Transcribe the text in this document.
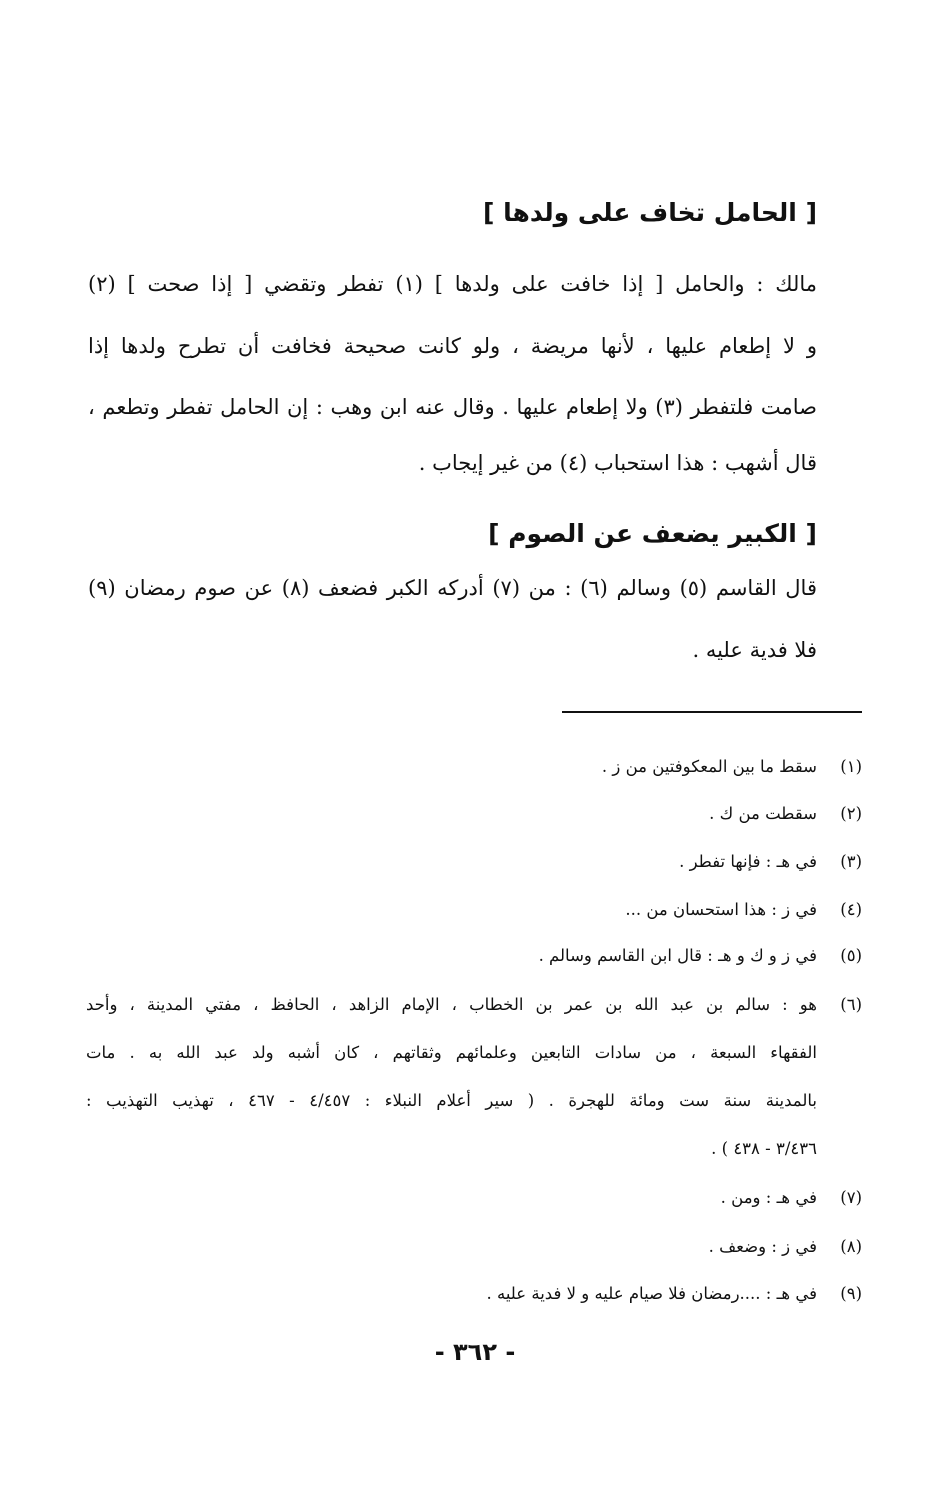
[ الحامل تخاف على ولدها ]
مالك : والحامل [ إذا خافت على ولدها ] (١) تفطر وتقضي [ إذا صحت ] (٢)
و لا إطعام عليها ، لأنها مريضة ، ولو كانت صحيحة فخافت أن تطرح ولدها إذا
صامت فلتفطر (٣) ولا إطعام عليها . وقال عنه ابن وهب : إن الحامل تفطر وتطعم ،
قال أشهب : هذا استحباب (٤) من غير إيجاب .
[ الكبير يضعف عن الصوم ]
قال القاسم (٥) وسالم (٦) : من (٧) أدركه الكبر فضعف (٨) عن صوم رمضان (٩)
فلا فدية عليه .
(١)
سقط ما بين المعكوفتين من ز .
(٢)
سقطت من ك .
(٣)
في هـ : فإنها تفطر .
(٤)
في ز : هذا استحسان من ...
(٥)
في ز و ك و هـ : قال ابن القاسم وسالم .
(٦)
هو : سالم بن عبد الله بن عمر بن الخطاب ، الإمام الزاهد ، الحافظ ، مفتي المدينة ، وأحد
الفقهاء السبعة ، من سادات التابعين وعلمائهم وثقاتهم ، كان أشبه ولد عبد الله به . مات
بالمدينة سنة ست ومائة للهجرة . ( سير أعلام النبلاء : ٤/٤٥٧ - ٤٦٧ ، تهذيب التهذيب :
٣/٤٣٦ - ٤٣٨ ) .
(٧)
في هـ : ومن .
(٨)
في ز : وضعف .
(٩)
في هـ : ....رمضان فلا صيام عليه و لا فدية عليه .
- ٣٦٢ -
